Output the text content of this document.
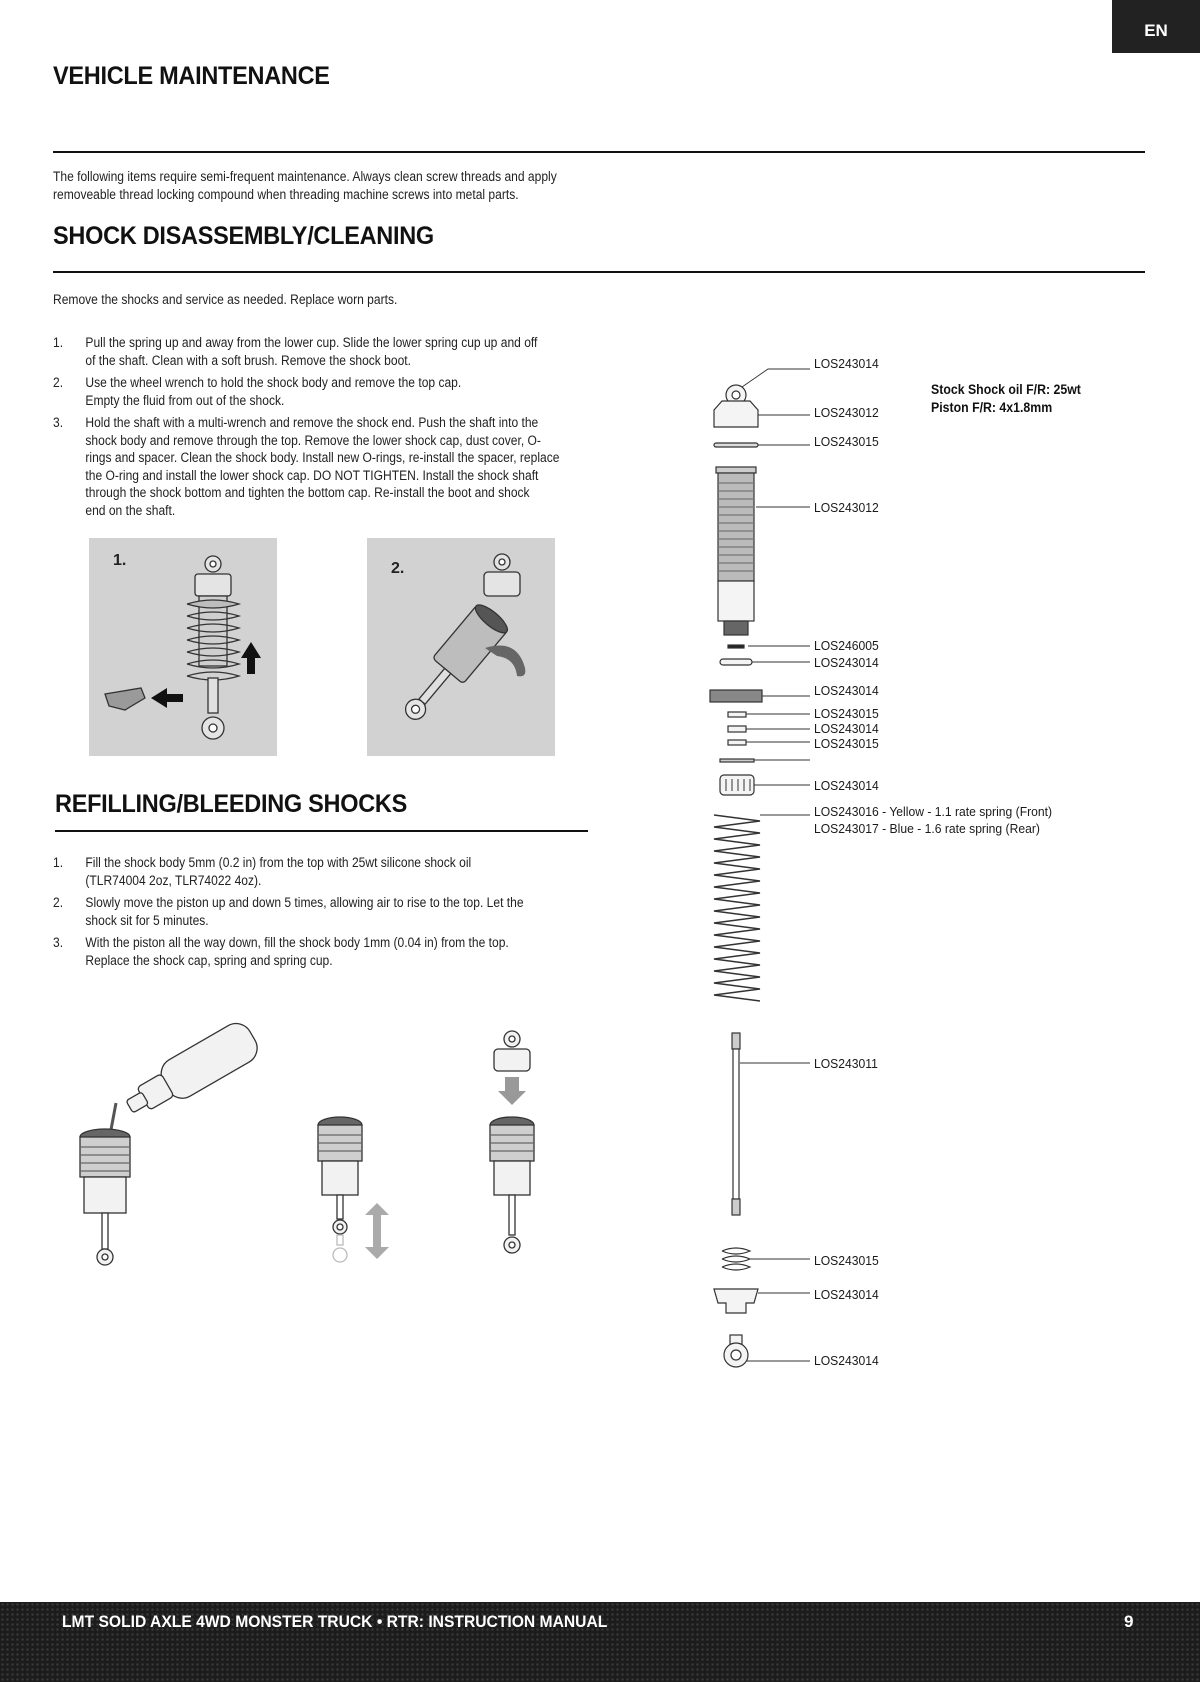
EN
VEHICLE MAINTENANCE
The following items require semi-frequent maintenance. Always clean screw threads and apply
removeable thread locking compound when threading machine screws into metal parts.
SHOCK DISASSEMBLY/CLEANING
Remove the shocks and service as needed. Replace worn parts.
1. Pull the spring up and away from the lower cup. Slide the lower spring cup up and off
of the shaft. Clean with a soft brush. Remove the shock boot.
2. Use the wheel wrench to hold the shock body and remove the top cap.
Empty the fluid from out of the shock.
3. Hold the shaft with a multi-wrench and remove the shock end. Push the shaft into the
shock body and remove through the top. Remove the lower shock cap, dust cover, O-
rings and spacer. Clean the shock body. Install new O-rings, re-install the spacer, replace
the O-ring and install the lower shock cap. DO NOT TIGHTEN. Install the shock shaft
through the shock bottom and tighten the bottom cap. Re-install the boot and shock
end on the shaft.
1.	2.
REFILLING/BLEEDING SHOCKS
1. Fill the shock body 5mm (0.2 in) from the top with 25wt silicone shock oil
(TLR74004 2oz, TLR74022 4oz).
2. Slowly move the piston up and down 5 times, allowing air to rise to the top. Let the
shock sit for 5 minutes.
3. With the piston all the way down, fill the shock body 1mm (0.04 in) from the top.
Replace the shock cap, spring and spring cup.
LOS243014
LOS243012
LOS243015
LOS243012
LOS246005
LOS243014
LOS243014
LOS243015
LOS243014
LOS243015
LOS243014
LOS243016 - Yellow - 1.1 rate spring (Front)
LOS243017 - Blue - 1.6 rate spring (Rear)
LOS243011
LOS243015
LOS243014
LOS243014
Stock Shock oil F/R: 25wt
Piston F/R: 4x1.8mm
LMT SOLID AXLE 4WD MONSTER TRUCK • RTR: INSTRUCTION MANUAL	9
